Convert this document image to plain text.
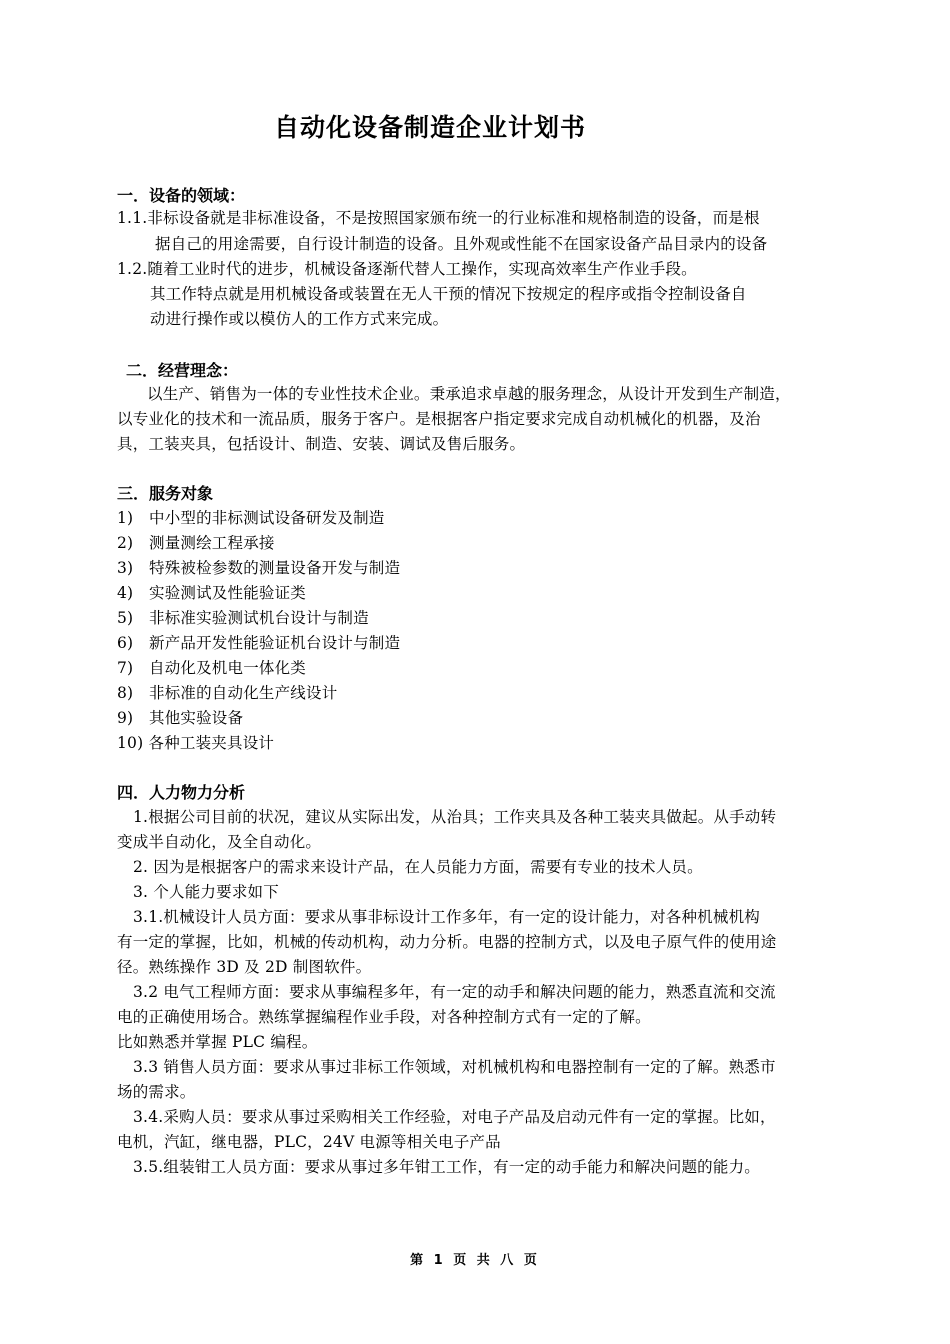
自动化设备制造企业计划书
一．设备的领域：
1.1.非标设备就是非标准设备，不是按照国家颁布统一的行业标准和规格制造的设备，而是根
据自己的用途需要，自行设计制造的设备。且外观或性能不在国家设备产品目录内的设备
1.2.随着工业时代的进步，机械设备逐渐代替人工操作，实现高效率生产作业手段。
其工作特点就是用机械设备或装置在无人干预的情况下按规定的程序或指令控制设备自
动进行操作或以模仿人的工作方式来完成。
二．经营理念：
以生产、销售为一体的专业性技术企业。秉承追求卓越的服务理念，从设计开发到生产制造，
以专业化的技术和一流品质，服务于客户。是根据客户指定要求完成自动机械化的机器，及治
具，工装夹具，包括设计、制造、安装、调试及售后服务。
三．服务对象
1)　中小型的非标测试设备研发及制造
2)　测量测绘工程承接
3)　特殊被检参数的测量设备开发与制造
4)　实验测试及性能验证类
5)　非标准实验测试机台设计与制造
6)　新产品开发性能验证机台设计与制造
7)　自动化及机电一体化类
8)　非标准的自动化生产线设计
9)　其他实验设备
10) 各种工装夹具设计
四．人力物力分析
1.根据公司目前的状况，建议从实际出发，从治具；工作夹具及各种工装夹具做起。从手动转
变成半自动化，及全自动化。
2. 因为是根据客户的需求来设计产品，在人员能力方面，需要有专业的技术人员。
3. 个人能力要求如下
3.1.机械设计人员方面：要求从事非标设计工作多年，有一定的设计能力，对各种机械机构
有一定的掌握，比如，机械的传动机构，动力分析。电器的控制方式，以及电子原气件的使用途
径。熟练操作 3D 及 2D 制图软件。
3.2 电气工程师方面：要求从事编程多年，有一定的动手和解决问题的能力，熟悉直流和交流
电的正确使用场合。熟练掌握编程作业手段，对各种控制方式有一定的了解。
比如熟悉并掌握 PLC 编程。
3.3 销售人员方面：要求从事过非标工作领域，对机械机构和电器控制有一定的了解。熟悉市
场的需求。
3.4.采购人员：要求从事过采购相关工作经验，对电子产品及启动元件有一定的掌握。比如，
电机，汽缸，继电器，PLC，24V 电源等相关电子产品
3.5.组装钳工人员方面：要求从事过多年钳工工作，有一定的动手能力和解决问题的能力。
第 1 页 共 八 页
